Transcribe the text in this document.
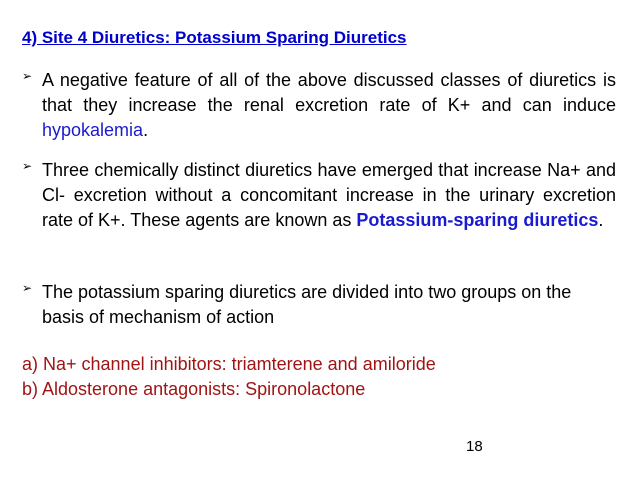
4) Site 4 Diuretics: Potassium Sparing Diuretics
➢ A negative feature of all of the above discussed classes of diuretics is that they increase the renal excretion rate of K+ and can induce hypokalemia.
➢ Three chemically distinct diuretics have emerged that increase Na+ and Cl- excretion without a concomitant increase in the urinary excretion rate of K+. These agents are known as Potassium-sparing diuretics.
➢ The potassium sparing diuretics are divided into two groups on the basis of mechanism of action
a) Na+ channel inhibitors: triamterene and amiloride
b) Aldosterone antagonists: Spironolactone
18
